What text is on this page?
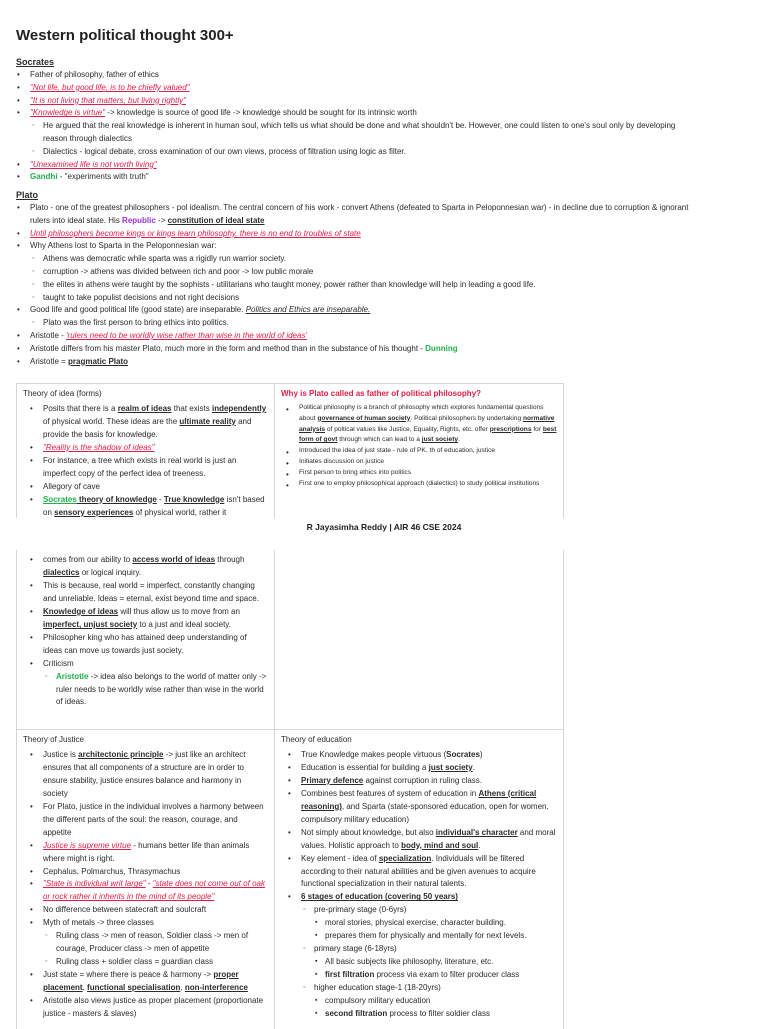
Western political thought 300+
Socrates
• Father of philosophy, father of ethics
• "Not life, but good life, is to be chiefly valued"
• "It is not living that matters, but living rightly"
• "Knowledge is virtue" -> knowledge is source of good life -> knowledge should be sought for its intrinsic worth
◦ He argued that the real knowledge is inherent in human soul, which tells us what should be done and what shouldn't be. However, one could listen to one's soul only by developing reason through dialectics
◦ Dialectics - logical debate, cross examination of our own views, process of filtration using logic as filter.
• "Unexamined life is not worth living"
• Gandhi - "experiments with truth"
Plato
• Plato - one of the greatest philosophers - pol idealism. The central concern of his work - convert Athens (defeated to Sparta in Peloponnesian war) - in decline due to corruption & ignorant rulers into ideal state. His Republic -> constitution of ideal state
• Until philosophers become kings or kings learn philosophy, there is no end to troubles of state
• Why Athens lost to Sparta in the Peloponnesian war:
◦ Athens was democratic while sparta was a rigidly run warrior society.
◦ corruption -> athens was divided between rich and poor -> low public morale
◦ the elites in athens were taught by the sophists - utilitarians who taught money, power rather than knowledge will help in leading a good life.
◦ taught to take populist decisions and not right decisions
• Good life and good political life (good state) are inseparable. Politics and Ethics are inseparable.
◦ Plato was the first person to bring ethics into politics.
• Aristotle - 'rulers need to be worldly wise rather than wise in the world of ideas'
• Aristotle differs from his master Plato, much more in the form and method than in the substance of his thought - Dunning
• Aristotle = pragmatic Plato
Theory of idea (forms)
• Posits that there is a realm of ideas that exists independently of physical world. These ideas are the ultimate reality and provide the basis for knowledge.
• "Reality is the shadow of ideas"
• For instance, a tree which exists in real world is just an imperfect copy of the perfect idea of treeness.
• Allegory of cave
• Socrates theory of knowledge - True knowledge isn't based on sensory experiences of physical world, rather it
Why is Plato called as father of political philosophy?
• Political philosophy is a branch of philosophy which explores fundamental questions about governance of human society. Political philosophers by undertaking normative analysis of poltical values like Justice, Equality, Rights, etc. offer prescriptions for best form of govt through which can lead to a just society.
• Introduced the idea of just state - rule of PK, th of education, justice
• Initiates discussion on justice
• First person to bring ethics into politics
• First one to employ philosophical approach (dialectics) to study political institutions
R Jayasimha Reddy | AIR 46 CSE 2024
• comes from our ability to access world of ideas through dialectics or logical inquiry.
• This is because, real world = imperfect, constantly changing and unreliable. Ideas = eternal, exist beyond time and space.
• Knowledge of ideas will thus allow us to move from an imperfect, unjust society to a just and ideal society.
• Philosopher king who has attained deep understanding of ideas can move us towards just society.
• Criticism
◦ Aristotle -> idea also belongs to the world of matter only -> ruler needs to be worldly wise rather than wise in the world of ideas.
Theory of Justice
• Justice is architectonic principle -> just like an architect ensures that all components of a structure are in order to ensure stability, justice ensures balance and harmony in society
• For Plato, justice in the individual involves a harmony between the different parts of the soul: the reason, courage, and appetite
• Justice is supreme virtue - humans better life than animals where might is right.
• Cephalus, Polmarchus, Thrasymachus
• "State is individual writ large" - "state does not come out of oak or rock rather it inherits in the mind of its people"
• No difference between statecraft and soulcraft
• Myth of metals -> three classes
◦ Ruling class -> men of reason, Soldier class -> men of courage, Producer class -> men of appetite
◦ Ruling class + soldier class = guardian class
• Just state = where there is peace & harmony -> proper placement, functional specialisation, non-interference
• Aristotle also views justice as proper placement (proportionate justice - masters & slaves)
Theory of education
• True Knowledge makes people virtuous (Socrates)
• Education is essential for building a just society.
• Primary defence against corruption in ruling class.
• Combines best features of system of education in Athens (critical reasoning), and Sparta (state-sponsored education, open for women, compulsory military education)
• Not simply about knowledge, but also individual's character and moral values. Holistic approach to body, mind and soul.
• Key element - idea of specialization. Individuals will be filtered according to their natural abilities and be given avenues to acquire functional specialization in their natural talents.
• 6 stages of education (covering 50 years)
◦ pre-primary stage (0-6yrs)
▪ moral stories, physical exercise, character building.
▪ prepares them for physically and mentally for next levels.
◦ primary stage (6-18yrs)
▪ All basic subjects like philosophy, literature, etc.
▪ first filtration process via exam to filter producer class
◦ higher education stage-1 (18-20yrs)
▪ compulsory military education
▪ second filtration process to filter soldier class
